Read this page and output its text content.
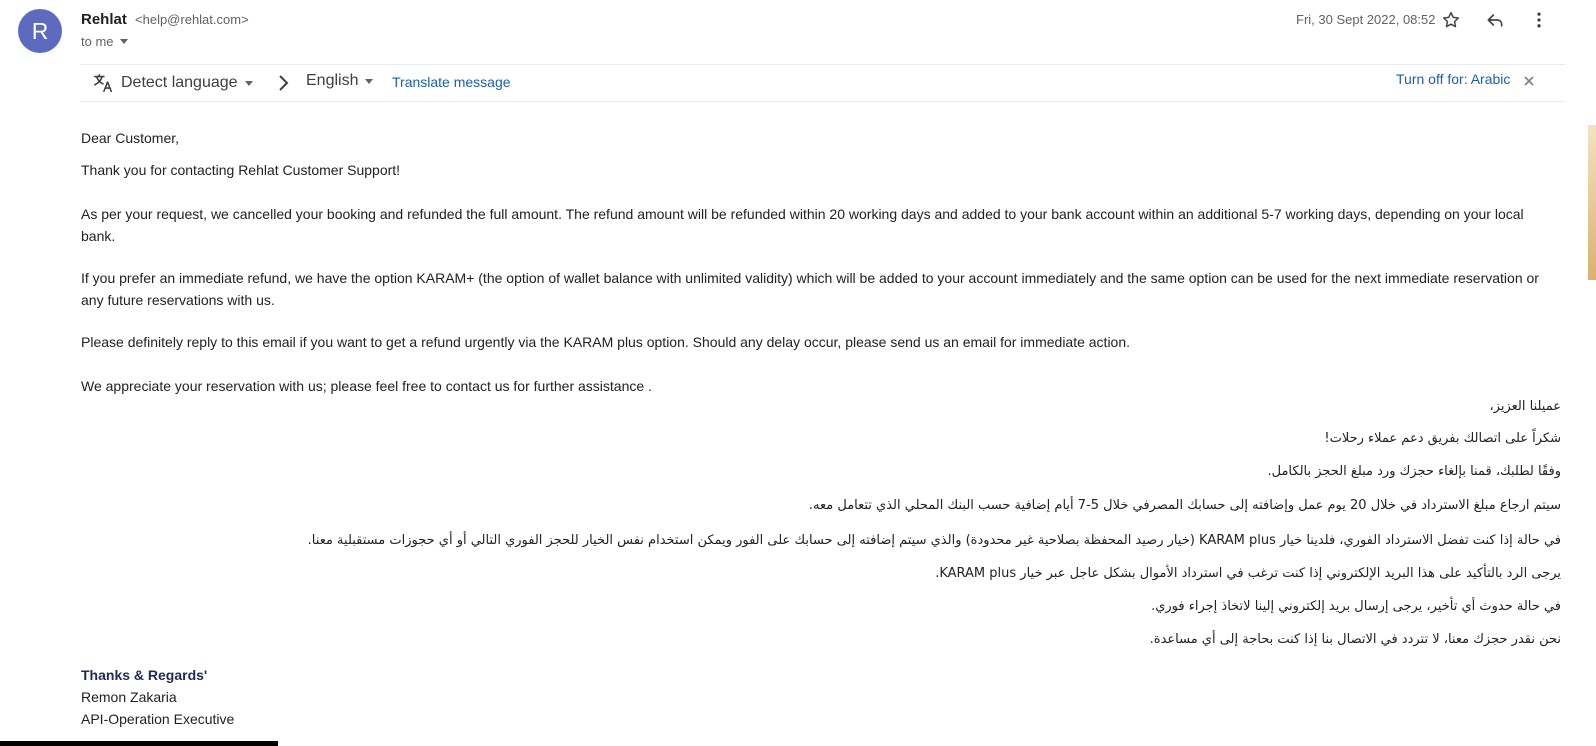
R	Rehlat <help@rehlat.com>
to me
Fri, 30 Sept 2022, 08:52
Detect language	English Translate message	Turn off for: Arabic
Dear Customer,
Thank you for contacting Rehlat Customer Support!
As per your request, we cancelled your booking and refunded the full amount. The refund amount will be refunded within 20 working days and added to your bank account within an additional 5-7 working days, depending on your local bank.
If you prefer an immediate refund, we have the option KARAM+ (the option of wallet balance with unlimited validity) which will be added to your account immediately and the same option can be used for the next immediate reservation or any future reservations with us.
Please definitely reply to this email if you want to get a refund urgently via the KARAM plus option. Should any delay occur, please send us an email for immediate action.
We appreciate your reservation with us; please feel free to contact us for further assistance .
عميلنا العزيز،
شكراً على اتصالك بفريق دعم عملاء رحلات!
وفقًا لطلبك، قمنا بإلغاء حجزك ورد مبلغ الحجز بالكامل.
سيتم ارجاع مبلغ الاسترداد في خلال 20 يوم عمل وإضافته إلى حسابك المصرفي خلال 5-7 أيام إضافية حسب البنك المحلي الذي تتعامل معه.
في حالة إذا كنت تفضل الاسترداد الفوري، فلدينا خيار KARAM plus (خيار رصيد المحفظة بصلاحية غير محدودة) والذي سيتم إضافته إلى حسابك على الفور ويمكن استخدام نفس الخيار للحجز الفوري التالي أو أي حجوزات مستقبلية معنا.
يرجى الرد بالتأكيد على هذا البريد الإلكتروني إذا كنت ترغب في استرداد الأموال بشكل عاجل عبر خيار KARAM plus.
في حالة حدوث أي تأخير، يرجى إرسال بريد إلكتروني إلينا لاتخاذ إجراء فوري.
نحن نقدر حجزك معنا، لا تتردد في الاتصال بنا إذا كنت بحاجة إلى أي مساعدة.
Thanks & Regards'
Remon Zakaria
API-Operation Executive
